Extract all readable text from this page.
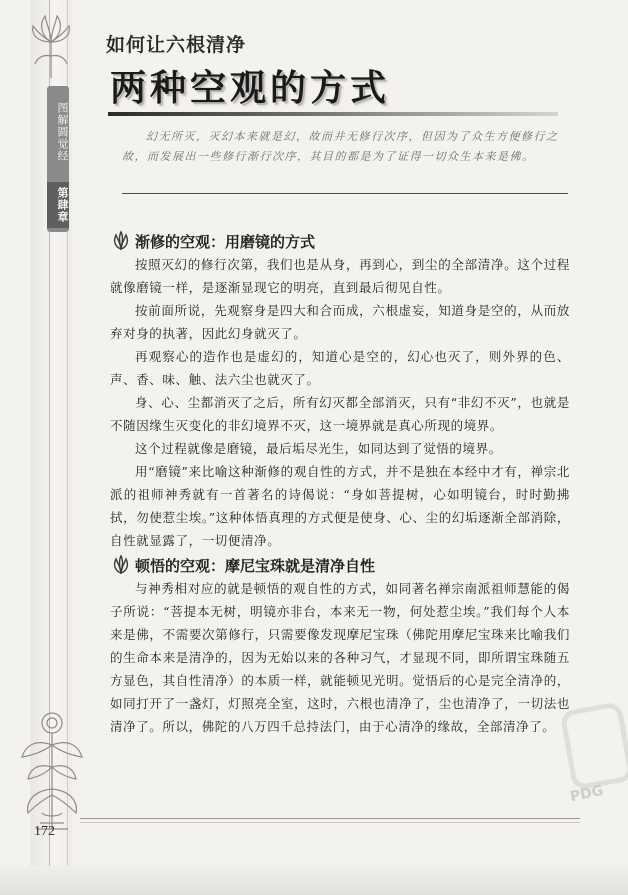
图解圆觉经
第肆章
如何让六根清净
两种空观的方式
幻无所灭，灭幻本来就是幻，故而并无修行次序，但因为了众生方便修行之故，而发展出一些修行渐行次序，其目的都是为了证得一切众生本来是佛。
渐修的空观：用磨镜的方式

按照灭幻的修行次第，我们也是从身，再到心，到尘的全部清净。这个过程就像磨镜一样，是逐渐显现它的明亮，直到最后彻见自性。

按前面所说，先观察身是四大和合而成，六根虚妄，知道身是空的，从而放弃对身的执著，因此幻身就灭了。

再观察心的造作也是虚幻的，知道心是空的，幻心也灭了，则外界的色、声、香、味、触、法六尘也就灭了。

身、心、尘都消灭了之后，所有幻灭都全部消灭，只有“非幻不灭”，也就是不随因缘生灭变化的非幻境界不灭，这一境界就是真心所现的境界。

这个过程就像是磨镜，最后垢尽光生，如同达到了觉悟的境界。

用“磨镜”来比喻这种渐修的观自性的方式，并不是独在本经中才有，禅宗北派的祖师神秀就有一首著名的诗偈说：“身如菩提树，心如明镜台，时时勤拂拭，勿使惹尘埃。”这种体悟真理的方式便是使身、心、尘的幻垢逐渐全部消除，自性就显露了，一切便清净。

顿悟的空观：摩尼宝珠就是清净自性

与神秀相对应的就是顿悟的观自性的方式，如同著名禅宗南派祖师慧能的偈子所说：“菩提本无树，明镜亦非台，本来无一物，何处惹尘埃。”我们每个人本来是佛，不需要次第修行，只需要像发现摩尼宝珠（佛陀用摩尼宝珠来比喻我们的生命本来是清净的，因为无始以来的各种习气，才显现不同，即所谓宝珠随五方显色，其自性清净）的本质一样，就能顿见光明。觉悟后的心是完全清净的，如同打开了一盏灯，灯照亮全室，这时，六根也清净了，尘也清净了，一切法也清净了。所以，佛陀的八万四千总持法门，由于心清净的缘故，全部清净了。

PDG
172
